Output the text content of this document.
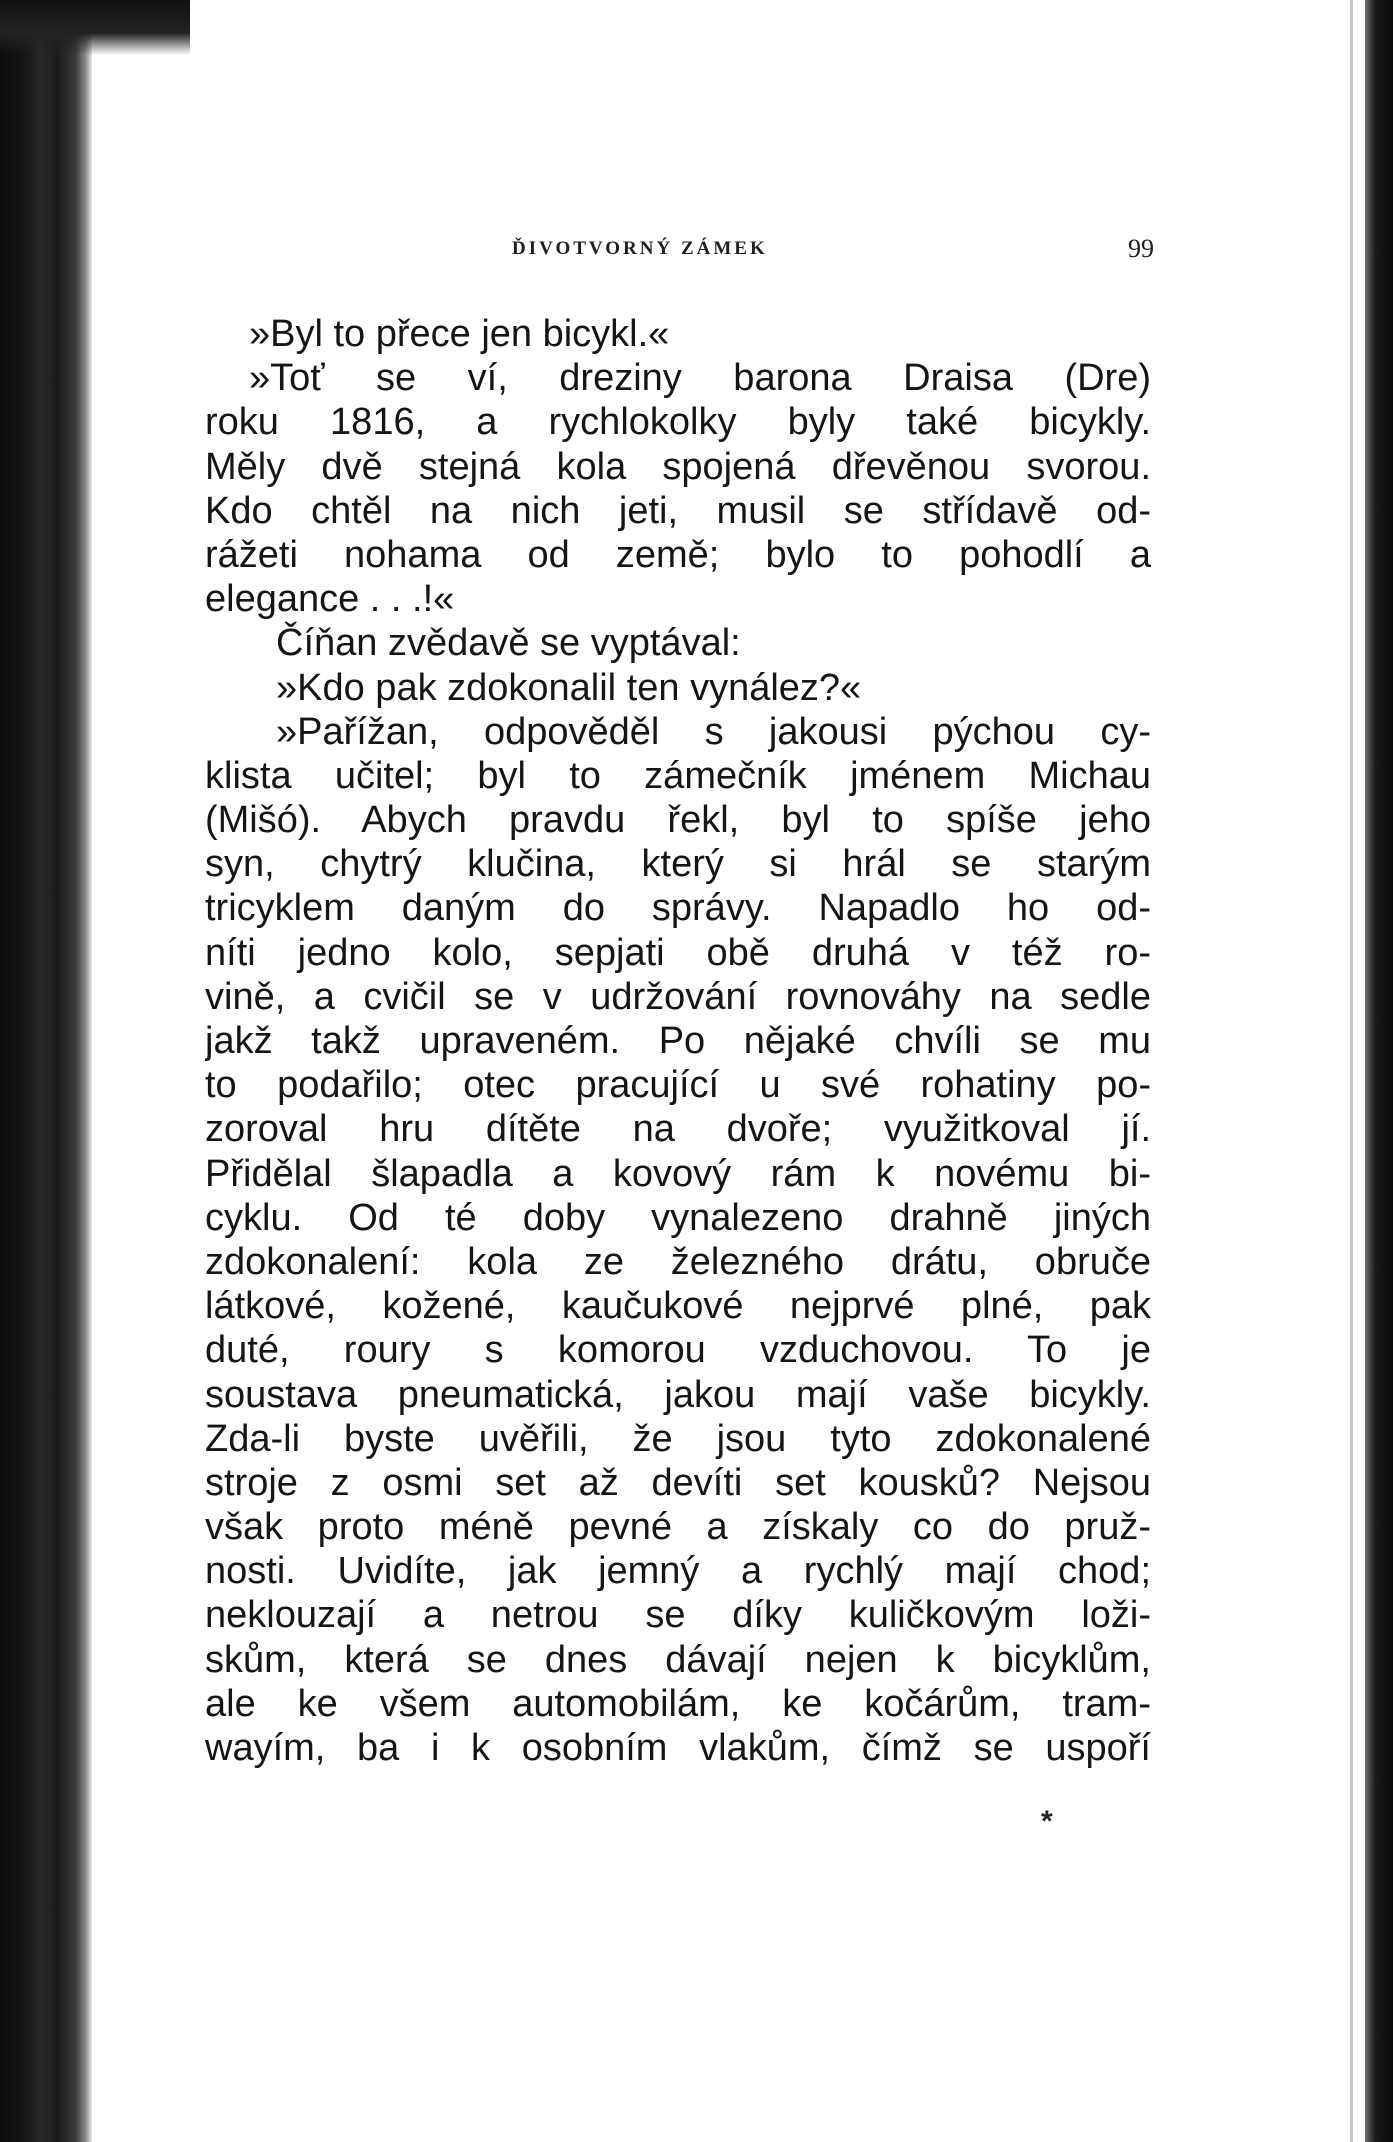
ĎIVOTVORNÝ ZÁMEK	99
»Byl to přece jen bicykl.«
»Toť se ví, dreziny barona Draisa (Dre)
roku 1816, a rychlokolky byly také bicykly.
Měly dvě stejná kola spojená dřevěnou svorou.
Kdo chtěl na nich jeti, musil se střídavě od-
rážeti nohama od země; bylo to pohodlí a
elegance . . .!«
Číňan zvědavě se vyptával:
»Kdo pak zdokonalil ten vynález?«
»Pařížan, odpověděl s jakousi pýchou cy-
klista učitel; byl to zámečník jménem Michau
(Mišó). Abych pravdu řekl, byl to spíše jeho
syn, chytrý klučina, který si hrál se starým
tricyklem daným do správy. Napadlo ho od-
níti jedno kolo, sepjati obě druhá v též ro-
vině, a cvičil se v udržování rovnováhy na sedle
jakž takž upraveném. Po nějaké chvíli se mu
to podařilo; otec pracující u své rohatiny po-
zoroval hru dítěte na dvoře; využitkoval jí.
Přidělal šlapadla a kovový rám k novému bi-
cyklu. Od té doby vynalezeno drahně jiných
zdokonalení: kola ze železného drátu, obruče
látkové, kožené, kaučukové nejprvé plné, pak
duté, roury s komorou vzduchovou. To je
soustava pneumatická, jakou mají vaše bicykly.
Zda-li byste uvěřili, že jsou tyto zdokonalené
stroje z osmi set až devíti set kousků? Nejsou
však proto méně pevné a získaly co do pruž-
nosti. Uvidíte, jak jemný a rychlý mají chod;
neklouzají a netrou se díky kuličkovým loži-
skům, která se dnes dávají nejen k bicyklům,
ale ke všem automobilám, ke kočárům, tram-
wayím, ba i k osobním vlakům, čímž se uspoří
*
